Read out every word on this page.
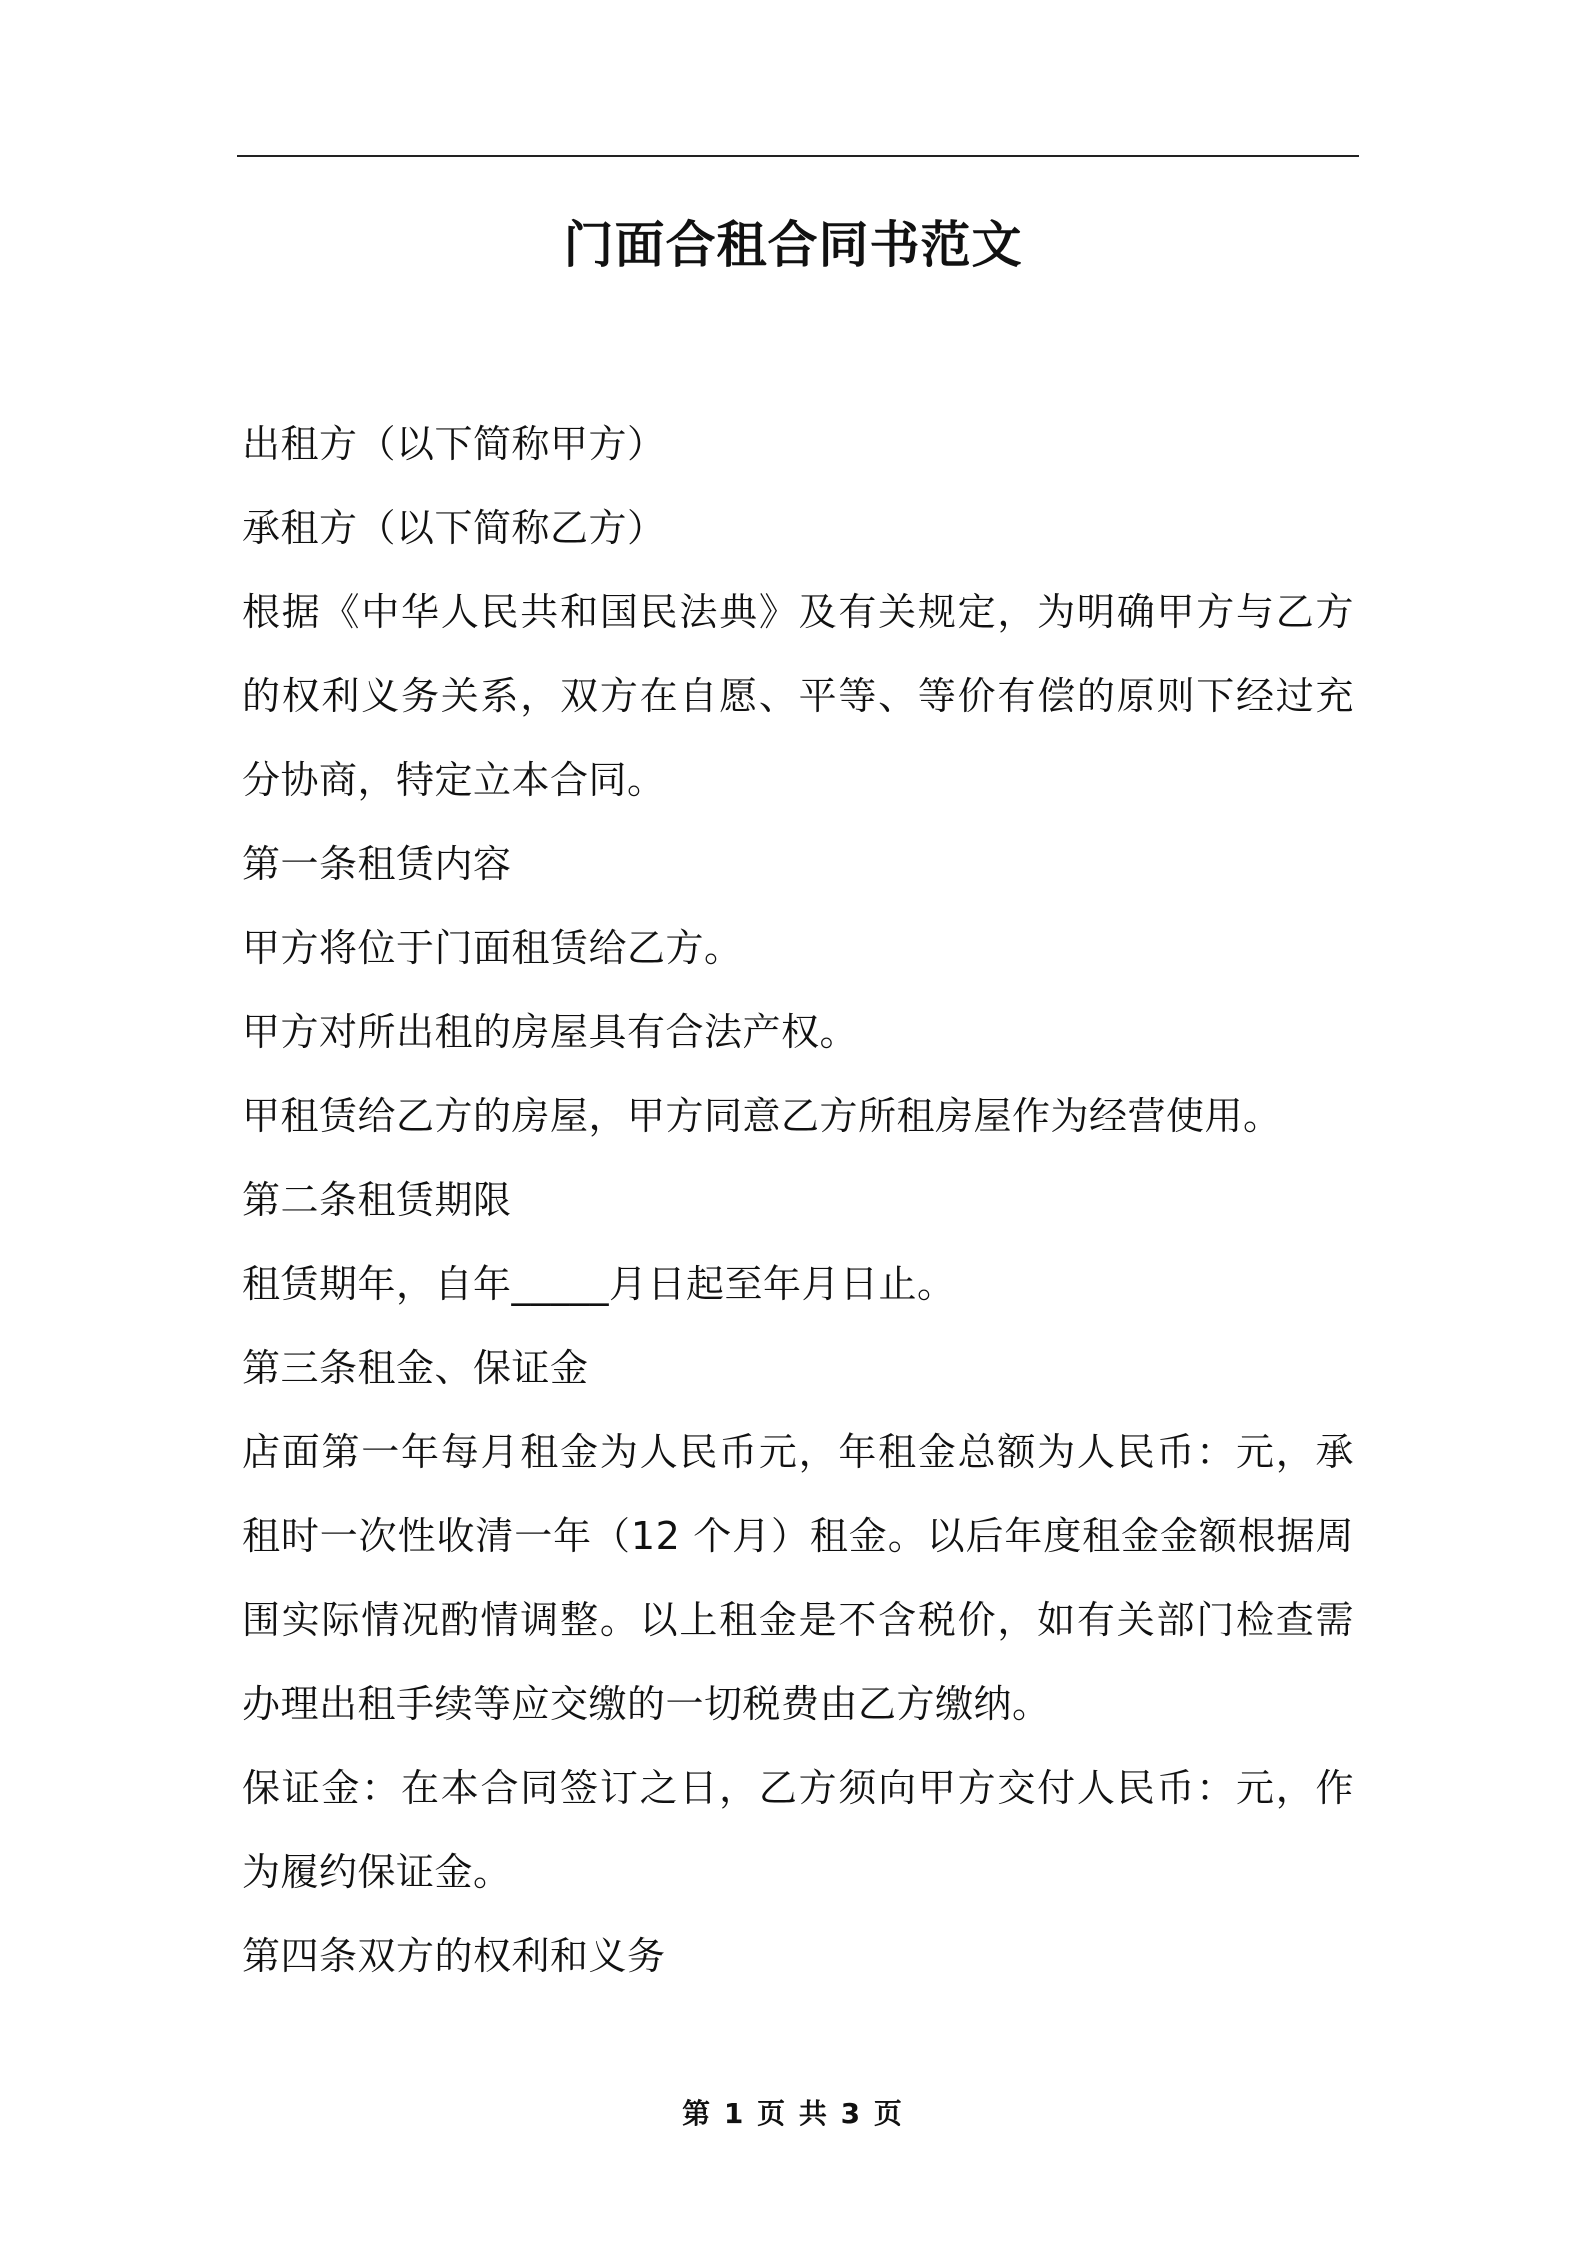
门面合租合同书范文

出租方（以下简称甲方）

承租方（以下简称乙方）

根据《中华人民共和国民法典》及有关规定，为明确甲方与乙方的权利义务关系，双方在自愿、平等、等价有偿的原则下经过充分协商，特定立本合同。

第一条租赁内容

甲方将位于门面租赁给乙方。

甲方对所出租的房屋具有合法产权。

甲租赁给乙方的房屋，甲方同意乙方所租房屋作为经营使用。

第二条租赁期限

租赁期年，自年_____月日起至年月日止。

第三条租金、保证金

店面第一年每月租金为人民币元，年租金总额为人民币：元，承租时一次性收清一年（12 个月）租金。以后年度租金金额根据周围实际情况酌情调整。以上租金是不含税价，如有关部门检查需办理出租手续等应交缴的一切税费由乙方缴纳。

保证金：在本合同签订之日，乙方须向甲方交付人民币：元，作为履约保证金。

第四条双方的权利和义务

第 1 页 共 3 页
